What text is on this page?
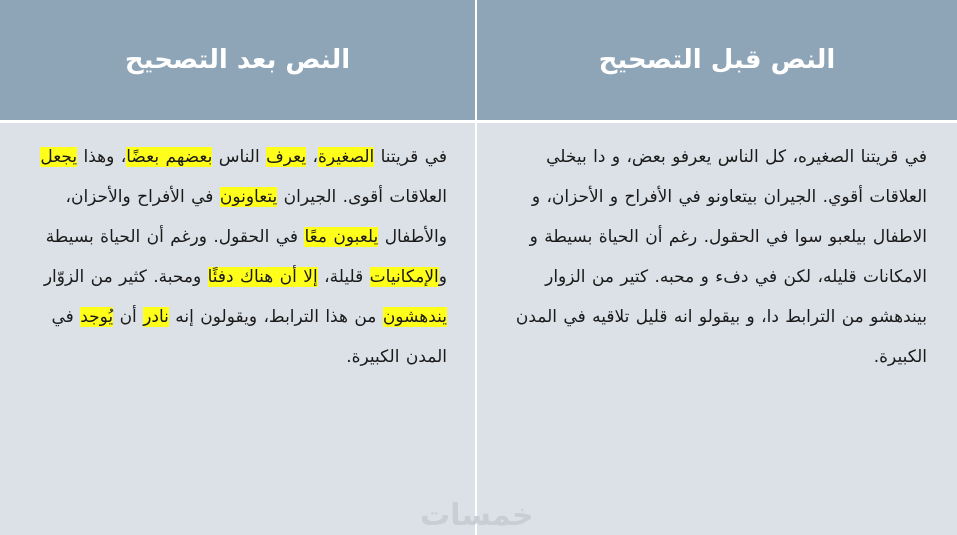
النص بعد التصحيح	النص قبل التصحيح
في قريتنا الصغيرة، يعرف الناس بعضهم بعضًا، وهذا يجعل العلاقات أقوى. الجيران يتعاونون في الأفراح والأحزان، والأطفال يلعبون معًا في الحقول. ورغم أن الحياة بسيطة والإمكانيات قليلة، إلا أن هناك دفئًا ومحبة. كثير من الزوّار يندهشون من هذا الترابط، ويقولون إنه نادر أن يُوجد في المدن الكبيرة.
في قريتنا الصغيره، كل الناس يعرفو بعض، و دا بيخلي العلاقات أقوي. الجيران بيتعاونو في الأفراح و الأحزان، و الاطفال بيلعبو سوا في الحقول. رغم أن الحياة بسيطة و الامكانات قليله، لكن في دفء و محبه. كتير من الزوار بيندهشو من الترابط دا، و بيقولو انه قليل تلاقيه في المدن الكبيرة.
خمسات
